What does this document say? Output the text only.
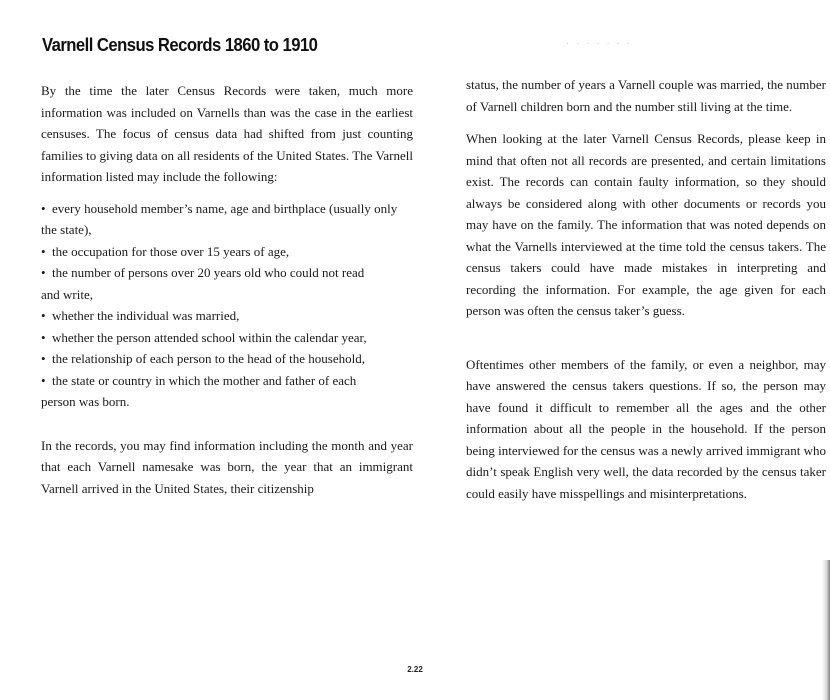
· · · · · · ·
Varnell Census Records 1860 to 1910

By the time the later Census Records were taken, much more information was included on Varnells than was the case in the earliest censuses. The focus of census data had shifted from just counting families to giving data on all residents of the United States. The Varnell information listed may include the following:

• every household member’s name, age and birthplace (usually only
the state),
• the occupation for those over 15 years of age,
• the number of persons over 20 years old who could not read
and write,
• whether the individual was married,
• whether the person attended school within the calendar year,
• the relationship of each person to the head of the household,
• the state or country in which the mother and father of each
person was born.

In the records, you may find information including the month and year that each Varnell namesake was born, the year that an immigrant Varnell arrived in the United States, their citizenship

status, the number of years a Varnell couple was married, the number of Varnell children born and the number still living at the time.

When looking at the later Varnell Census Records, please keep in mind that often not all records are presented, and certain limitations exist. The records can contain faulty information, so they should always be considered along with other documents or records you may have on the family. The information that was noted depends on what the Varnells interviewed at the time told the census takers. The census takers could have made mistakes in interpreting and recording the information. For example, the age given for each person was often the census taker’s guess.

Oftentimes other members of the family, or even a neighbor, may have answered the census takers questions. If so, the person may have found it difficult to remember all the ages and the other information about all the people in the household. If the person being interviewed for the census was a newly arrived immigrant who didn’t speak English very well, the data recorded by the census taker could easily have misspellings and misinterpretations.

2.22
